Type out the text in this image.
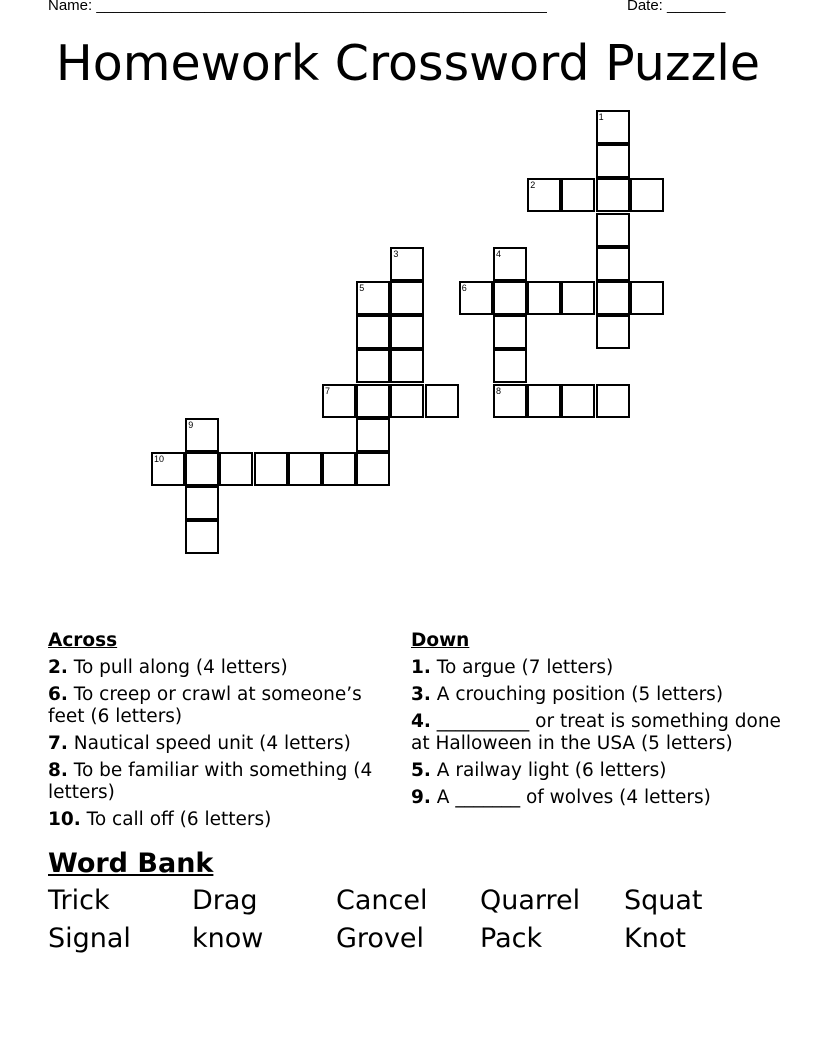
Name: ______________________________________________________	Date: _______
Homework Crossword Puzzle
1
2
3	4
5	6
7	8
9
10
Across
2. To pull along (4 letters)
6. To creep or crawl at someone’s feet (6 letters)
7. Nautical speed unit (4 letters)
8. To be familiar with something (4 letters)
10. To call off (6 letters)
Down
1. To argue (7 letters)
3. A crouching position (5 letters)
4. __________ or treat is something done at Halloween in the USA (5 letters)
5. A railway light (6 letters)
9. A _______ of wolves (4 letters)
Word Bank
Trick	Drag	Cancel Quarrel Squat
Signal know	Grovel Pack	Knot
